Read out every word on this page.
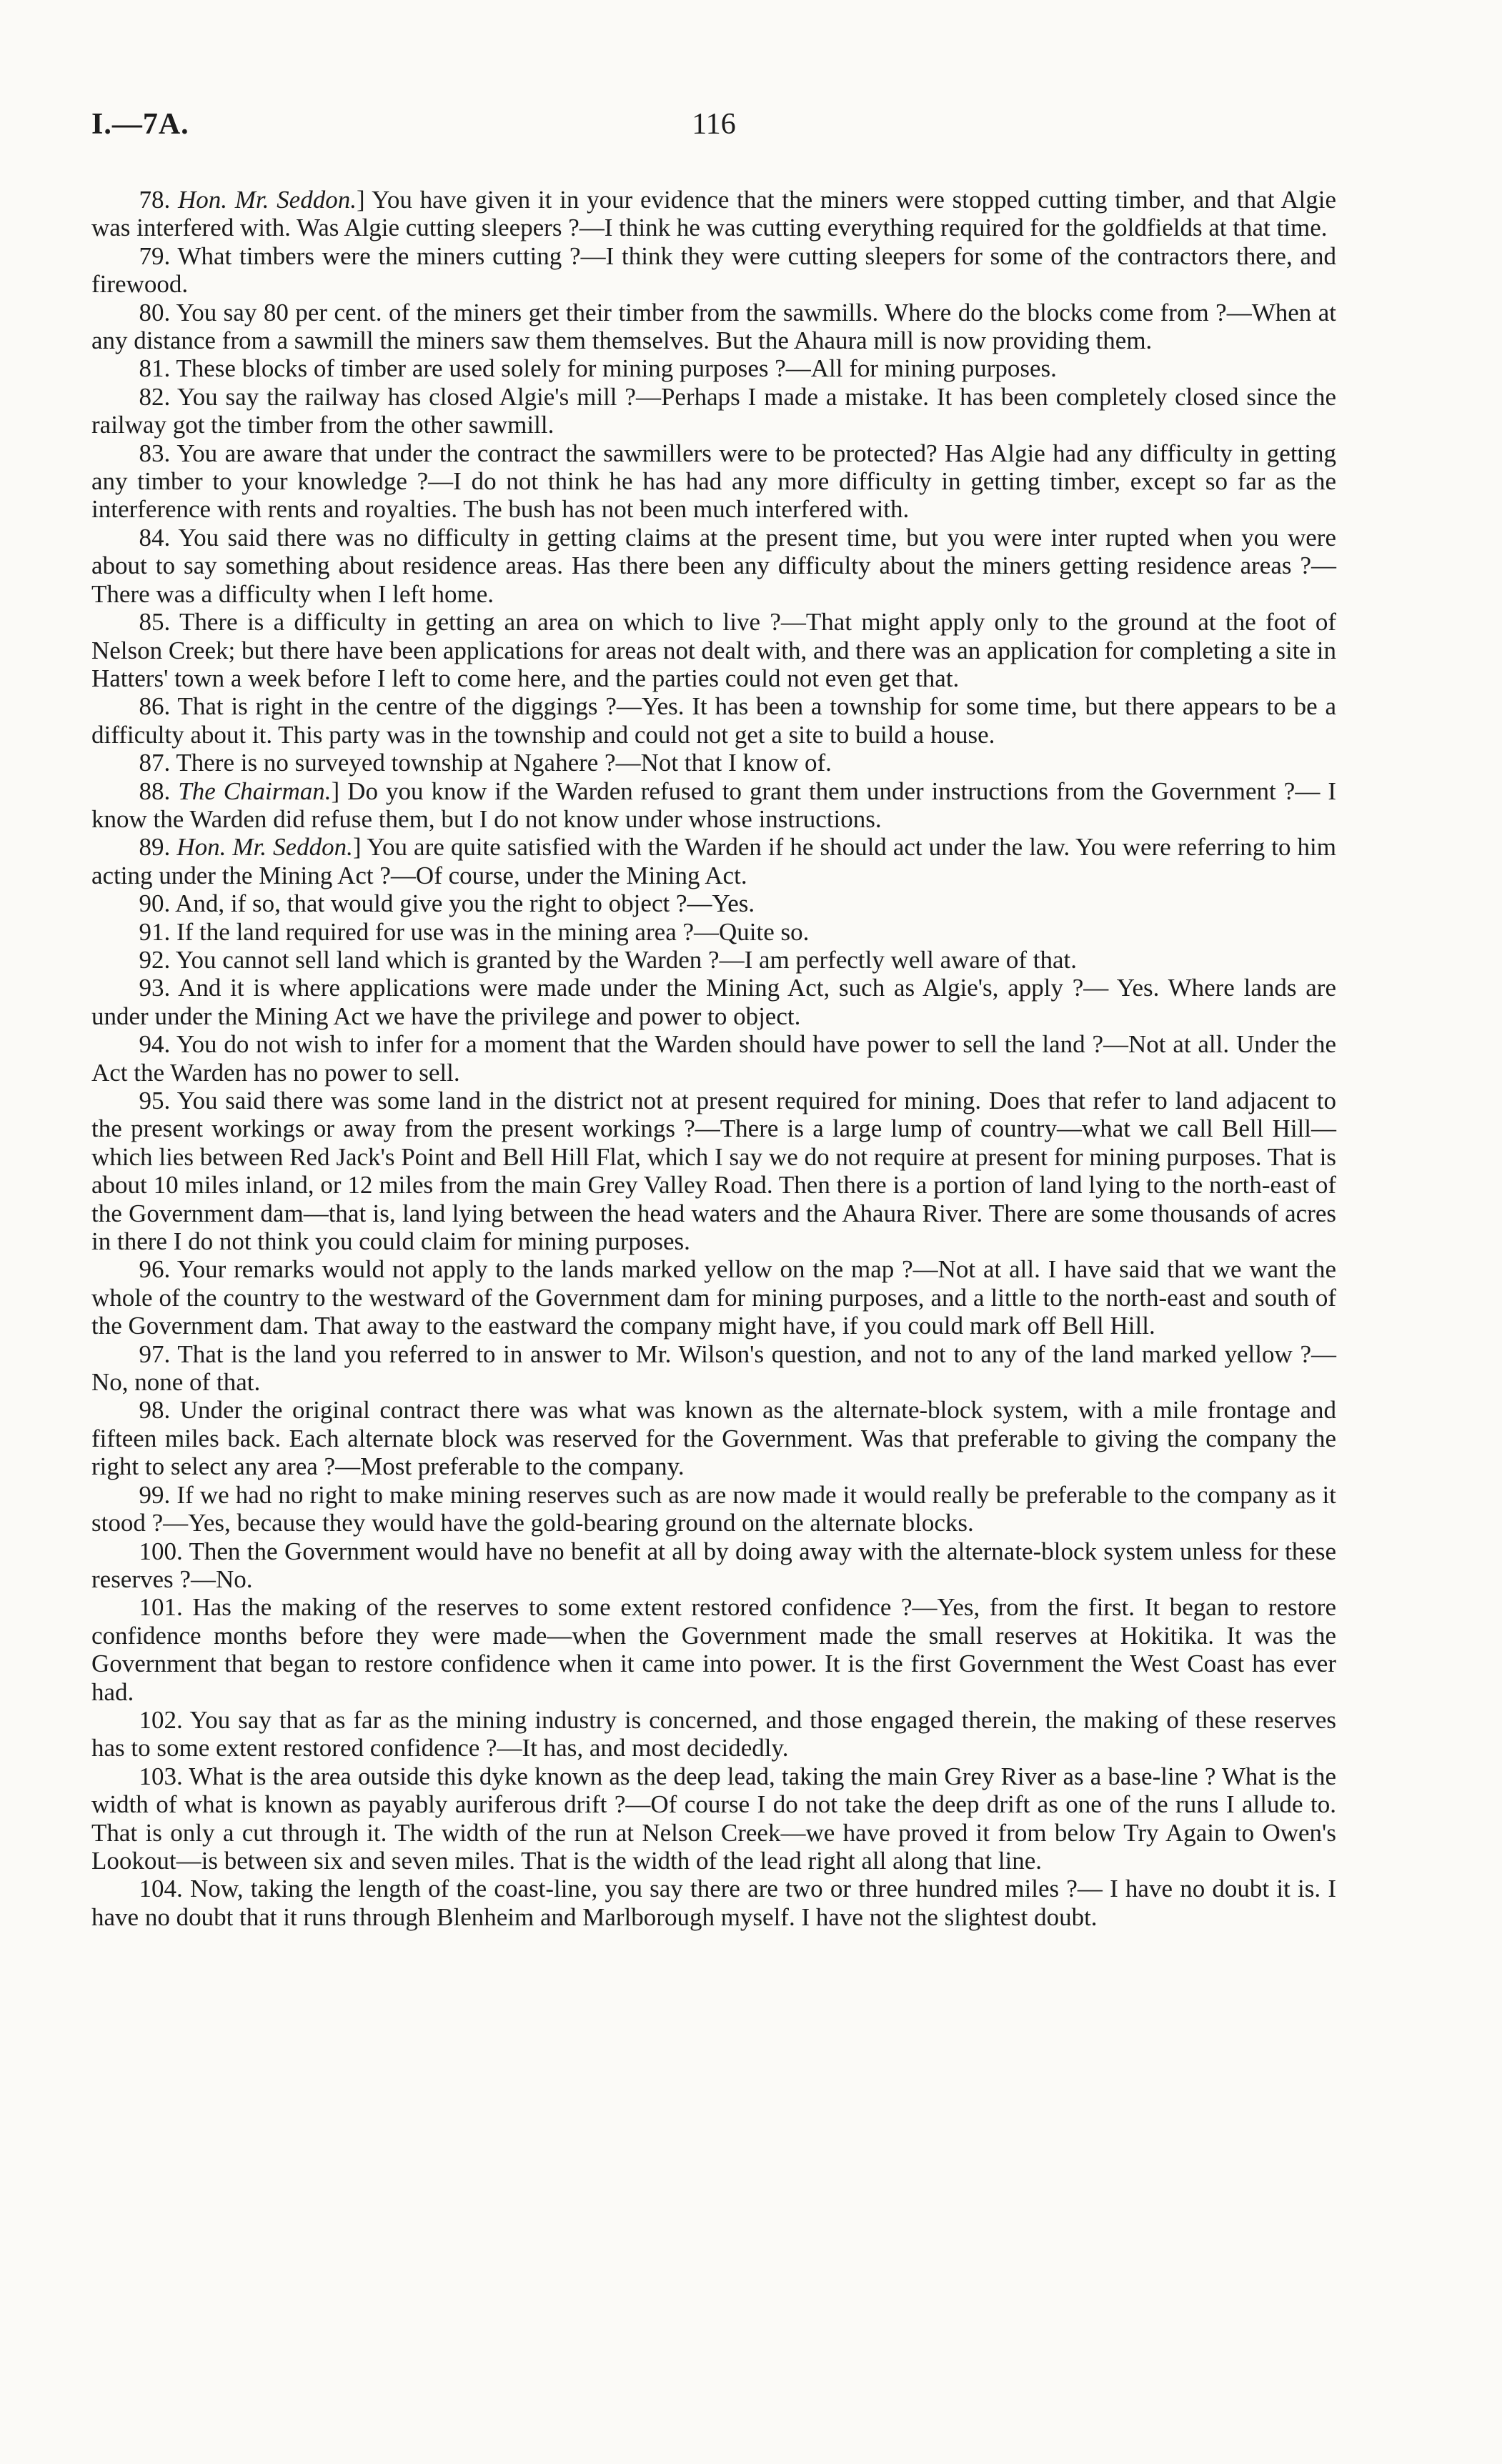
I.—7A.	116

78. Hon. Mr. Seddon.] You have given it in your evidence that the miners were stopped cutting timber, and that Algie was interfered with. Was Algie cutting sleepers ?—I think he was cutting everything required for the goldfields at that time.

79. What timbers were the miners cutting ?—I think they were cutting sleepers for some of the contractors there, and firewood.

80. You say 80 per cent. of the miners get their timber from the sawmills. Where do the blocks come from ?—When at any distance from a sawmill the miners saw them themselves. But the Ahaura mill is now providing them.

81. These blocks of timber are used solely for mining purposes ?—All for mining purposes.

82. You say the railway has closed Algie's mill ?—Perhaps I made a mistake. It has been completely closed since the railway got the timber from the other sawmill.

83. You are aware that under the contract the sawmillers were to be protected? Has Algie had any difficulty in getting any timber to your knowledge ?—I do not think he has had any more difficulty in getting timber, except so far as the interference with rents and royalties. The bush has not been much interfered with.

84. You said there was no difficulty in getting claims at the present time, but you were inter rupted when you were about to say something about residence areas. Has there been any difficulty about the miners getting residence areas ?—There was a difficulty when I left home.

85. There is a difficulty in getting an area on which to live ?—That might apply only to the ground at the foot of Nelson Creek; but there have been applications for areas not dealt with, and there was an application for completing a site in Hatters' town a week before I left to come here, and the parties could not even get that.

86. That is right in the centre of the diggings ?—Yes. It has been a township for some time, but there appears to be a difficulty about it. This party was in the township and could not get a site to build a house.

87. There is no surveyed township at Ngahere ?—Not that I know of.

88. The Chairman.] Do you know if the Warden refused to grant them under instructions from the Government ?— I know the Warden did refuse them, but I do not know under whose instructions.

89. Hon. Mr. Seddon.] You are quite satisfied with the Warden if he should act under the law. You were referring to him acting under the Mining Act ?—Of course, under the Mining Act.

90. And, if so, that would give you the right to object ?—Yes.

91. If the land required for use was in the mining area ?—Quite so.

92. You cannot sell land which is granted by the Warden ?—I am perfectly well aware of that.

93. And it is where applications were made under the Mining Act, such as Algie's, apply ?— Yes. Where lands are under under the Mining Act we have the privilege and power to object.

94. You do not wish to infer for a moment that the Warden should have power to sell the land ?—Not at all. Under the Act the Warden has no power to sell.

95. You said there was some land in the district not at present required for mining. Does that refer to land adjacent to the present workings or away from the present workings ?—There is a large lump of country—what we call Bell Hill—which lies between Red Jack's Point and Bell Hill Flat, which I say we do not require at present for mining purposes. That is about 10 miles inland, or 12 miles from the main Grey Valley Road. Then there is a portion of land lying to the north-east of the Government dam—that is, land lying between the head waters and the Ahaura River. There are some thousands of acres in there I do not think you could claim for mining purposes.

96. Your remarks would not apply to the lands marked yellow on the map ?—Not at all. I have said that we want the whole of the country to the westward of the Government dam for mining purposes, and a little to the north-east and south of the Government dam. That away to the eastward the company might have, if you could mark off Bell Hill.

97. That is the land you referred to in answer to Mr. Wilson's question, and not to any of the land marked yellow ?—No, none of that.

98. Under the original contract there was what was known as the alternate-block system, with a mile frontage and fifteen miles back. Each alternate block was reserved for the Government. Was that preferable to giving the company the right to select any area ?—Most preferable to the company.

99. If we had no right to make mining reserves such as are now made it would really be preferable to the company as it stood ?—Yes, because they would have the gold-bearing ground on the alternate blocks.

100. Then the Government would have no benefit at all by doing away with the alternate-block system unless for these reserves ?—No.

101. Has the making of the reserves to some extent restored confidence ?—Yes, from the first. It began to restore confidence months before they were made—when the Government made the small reserves at Hokitika. It was the Government that began to restore confidence when it came into power. It is the first Government the West Coast has ever had.

102. You say that as far as the mining industry is concerned, and those engaged therein, the making of these reserves has to some extent restored confidence ?—It has, and most decidedly.

103. What is the area outside this dyke known as the deep lead, taking the main Grey River as a base-line ? What is the width of what is known as payably auriferous drift ?—Of course I do not take the deep drift as one of the runs I allude to. That is only a cut through it. The width of the run at Nelson Creek—we have proved it from below Try Again to Owen's Lookout—is between six and seven miles. That is the width of the lead right all along that line.

104. Now, taking the length of the coast-line, you say there are two or three hundred miles ?— I have no doubt it is. I have no doubt that it runs through Blenheim and Marlborough myself. I have not the slightest doubt.
